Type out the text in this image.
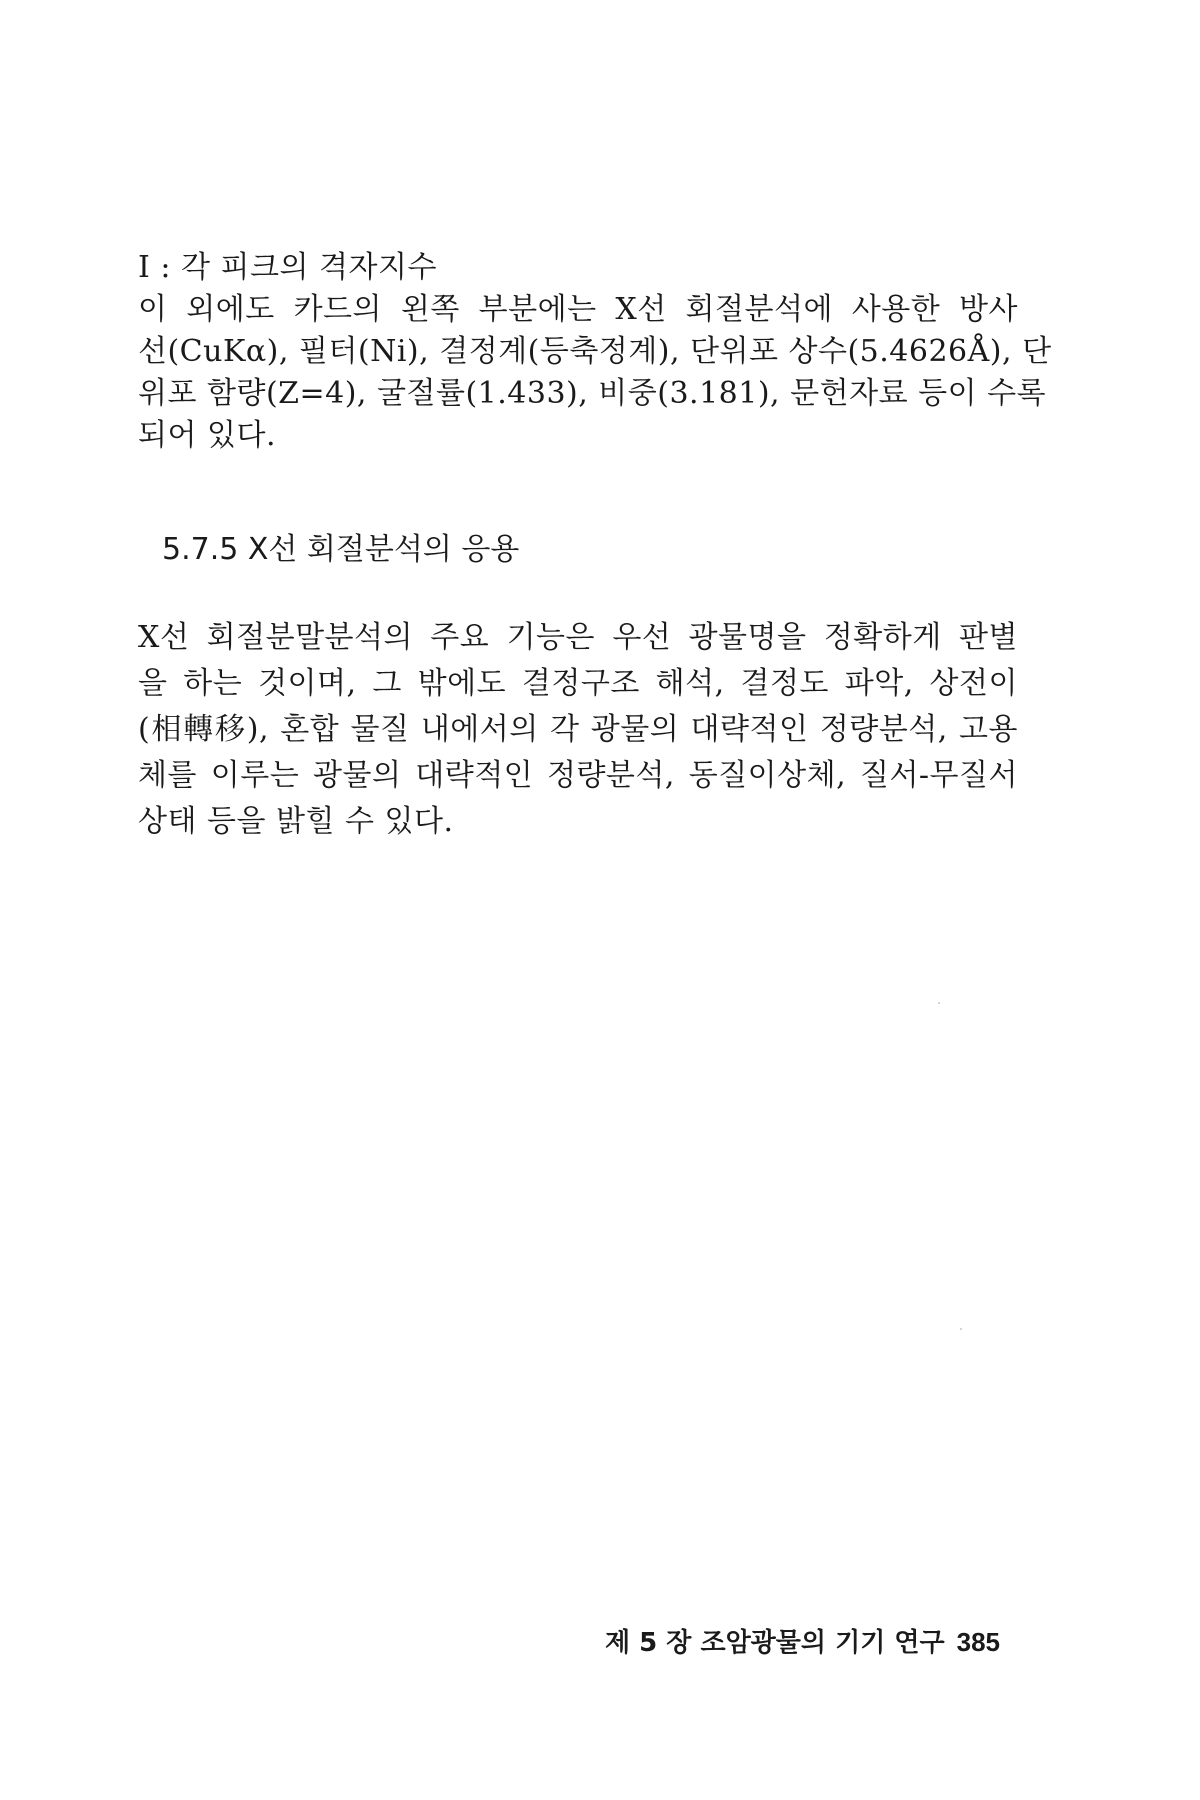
I : 각 피크의 격자지수
이 외에도 카드의 왼쪽 부분에는 X선 회절분석에 사용한 방사
선(CuKα), 필터(Ni), 결정계(등축정계), 단위포 상수(5.4626Å), 단
위포 함량(Z=4), 굴절률(1.433), 비중(3.181), 문헌자료 등이 수록
되어 있다.
5.7.5 X선 회절분석의 응용
X선 회절분말분석의 주요 기능은 우선 광물명을 정확하게 판별
을 하는 것이며, 그 밖에도 결정구조 해석, 결정도 파악, 상전이
(相轉移), 혼합 물질 내에서의 각 광물의 대략적인 정량분석, 고용
체를 이루는 광물의 대략적인 정량분석, 동질이상체, 질서-무질서
상태 등을 밝힐 수 있다.
제 5 장 조암광물의 기기 연구 385
